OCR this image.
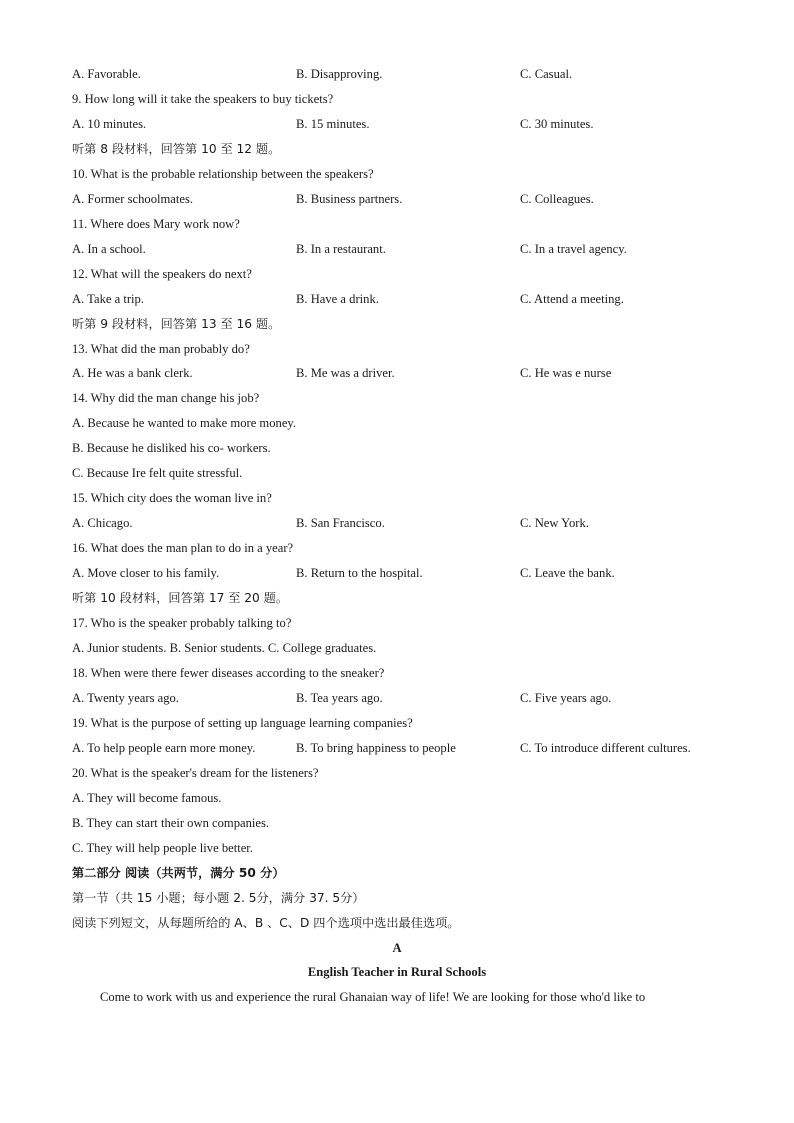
A. Favorable.	B. Disapproving.	C. Casual.
9. How long will it take the speakers to buy tickets?
A. 10 minutes.	B. 15 minutes.	C. 30 minutes.
听第 8 段材料，回答第 10 至 12 题。
10. What is the probable relationship between the speakers?
A. Former schoolmates.	B. Business partners.	C. Colleagues.
11. Where does Mary work now?
A. In a school.	B. In a restaurant.	C. In a travel agency.
12. What will the speakers do next?
A. Take a trip.	B. Have a drink.	C. Attend a meeting.
听第 9 段材料，回答第 13 至 16 题。
13. What did the man probably do?
A. He was a bank clerk.	B. Me was a driver.	C. He was e nurse
14. Why did the man change his job?
A. Because he wanted to make more money.
B. Because he disliked his co- workers.
C. Because Ire felt quite stressful.
15. Which city does the woman live in?
A. Chicago.	B. San Francisco.	C. New York.
16. What does the man plan to do in a year?
A. Move closer to his family.	B. Return to the hospital.	C. Leave the bank.
听第 10 段材料，回答第 17 至 20 题。
17. Who is the speaker probably talking to?
A. Junior students. B. Senior students. C. College graduates.
18. When were there fewer diseases according to the sneaker?
A. Twenty years ago.	B. Tea years ago.	C. Five years ago.
19. What is the purpose of setting up language learning companies?
A. To help people earn more money.	B. To bring happiness to people	C. To introduce different cultures.
20. What is the speaker's dream for the listeners?
A. They will become famous.
B. They can start their own companies.
C. They will help people live better.
第二部分 阅读（共两节，满分 50 分）
第一节（共 15 小题；每小题 2. 5分，满分 37. 5分）
阅读下列短文，从每题所给的 A、B 、C、D 四个选项中选出最佳选项。
A
English Teacher in Rural Schools
Come to work with us and experience the rural Ghanaian way of life! We are looking for those who'd like to
